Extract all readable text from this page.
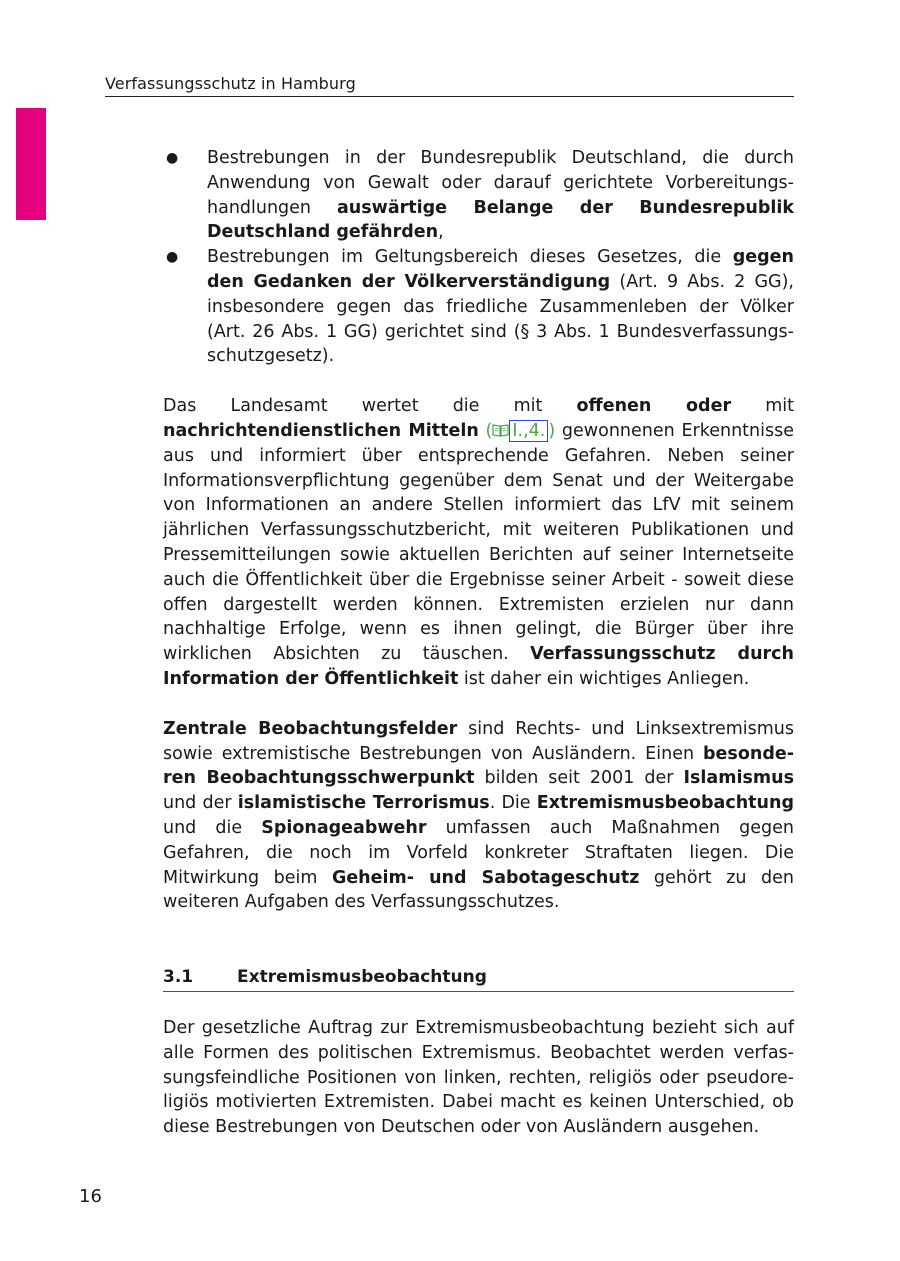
Verfassungsschutz in Hamburg
● Bestrebungen in der Bundesrepublik Deutschland, die durch Anwendung von Gewalt oder darauf gerichtete Vorbereitungshandlungen auswärtige Belange der Bundesrepublik Deutschland gefährden,
● Bestrebungen im Geltungsbereich dieses Gesetzes, die gegen den Gedanken der Völkerverständigung (Art. 9 Abs. 2 GG), insbesondere gegen das friedliche Zusammenleben der Völker (Art. 26 Abs. 1 GG) gerichtet sind (§ 3 Abs. 1 Bundesverfassungsschutzgesetz).

Das Landesamt wertet die mit offenen oder mit nachrichtendienstlichen Mitteln ( I.,4. ) gewonnenen Erkenntnisse aus und informiert über entsprechende Gefahren. Neben seiner Informationsverpflichtung gegenüber dem Senat und der Weitergabe von Informationen an andere Stellen informiert das LfV mit seinem jährlichen Verfassungsschutzbericht, mit weiteren Publikationen und Pressemitteilungen sowie aktuellen Berichten auf seiner Internetseite auch die Öffentlichkeit über die Ergebnisse seiner Arbeit - soweit diese offen dargestellt werden können. Extremisten erzielen nur dann nachhaltige Erfolge, wenn es ihnen gelingt, die Bürger über ihre wirklichen Absichten zu täuschen. Verfassungsschutz durch Information der Öffentlichkeit ist daher ein wichtiges Anliegen.

Zentrale Beobachtungsfelder sind Rechts- und Linksextremismus sowie extremistische Bestrebungen von Ausländern. Einen besonderen Beobachtungsschwerpunkt bilden seit 2001 der Islamismus und der islamistische Terrorismus. Die Extremismusbeobachtung und die Spionageabwehr umfassen auch Maßnahmen gegen Gefahren, die noch im Vorfeld konkreter Straftaten liegen. Die Mitwirkung beim Geheim- und Sabotageschutz gehört zu den weiteren Aufgaben des Verfassungsschutzes.

3.1	Extremismusbeobachtung

Der gesetzliche Auftrag zur Extremismusbeobachtung bezieht sich auf alle Formen des politischen Extremismus. Beobachtet werden verfassungsfeindliche Positionen von linken, rechten, religiös oder pseudoreligiös motivierten Extremisten. Dabei macht es keinen Unterschied, ob diese Bestrebungen von Deutschen oder von Ausländern ausgehen.

16
